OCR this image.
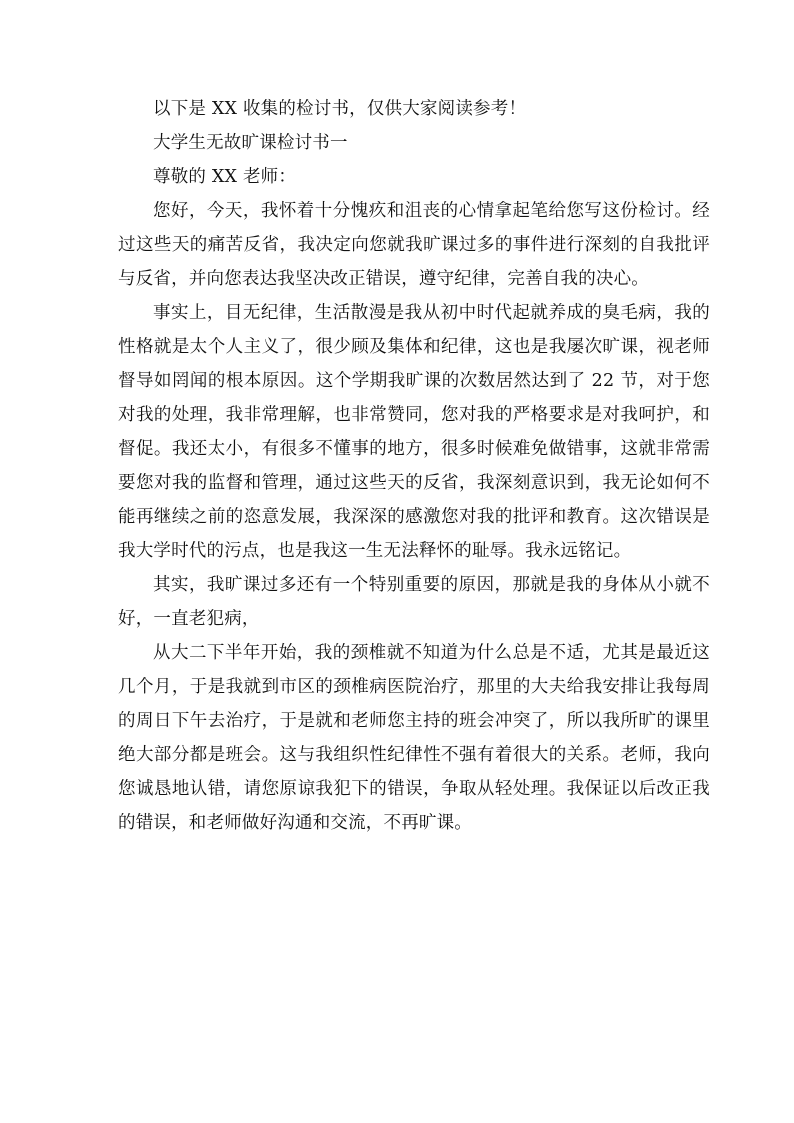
以下是 XX 收集的检讨书，仅供大家阅读参考！

大学生无故旷课检讨书一

尊敬的 XX 老师：

您好，今天，我怀着十分愧疚和沮丧的心情拿起笔给您写这份检讨。经过这些天的痛苦反省，我决定向您就我旷课过多的事件进行深刻的自我批评与反省，并向您表达我坚决改正错误，遵守纪律，完善自我的决心。

事实上，目无纪律，生活散漫是我从初中时代起就养成的臭毛病，我的性格就是太个人主义了，很少顾及集体和纪律，这也是我屡次旷课，视老师督导如罔闻的根本原因。这个学期我旷课的次数居然达到了 22 节，对于您对我的处理，我非常理解，也非常赞同，您对我的严格要求是对我呵护，和督促。我还太小，有很多不懂事的地方，很多时候难免做错事，这就非常需要您对我的监督和管理，通过这些天的反省，我深刻意识到，我无论如何不能再继续之前的恣意发展，我深深的感激您对我的批评和教育。这次错误是我大学时代的污点，也是我这一生无法释怀的耻辱。我永远铭记。

其实，我旷课过多还有一个特别重要的原因，那就是我的身体从小就不好，一直老犯病，

从大二下半年开始，我的颈椎就不知道为什么总是不适，尤其是最近这几个月，于是我就到市区的颈椎病医院治疗，那里的大夫给我安排让我每周的周日下午去治疗，于是就和老师您主持的班会冲突了，所以我所旷的课里绝大部分都是班会。这与我组织性纪律性不强有着很大的关系。老师，我向您诚恳地认错，请您原谅我犯下的错误，争取从轻处理。我保证以后改正我的错误，和老师做好沟通和交流，不再旷课。
